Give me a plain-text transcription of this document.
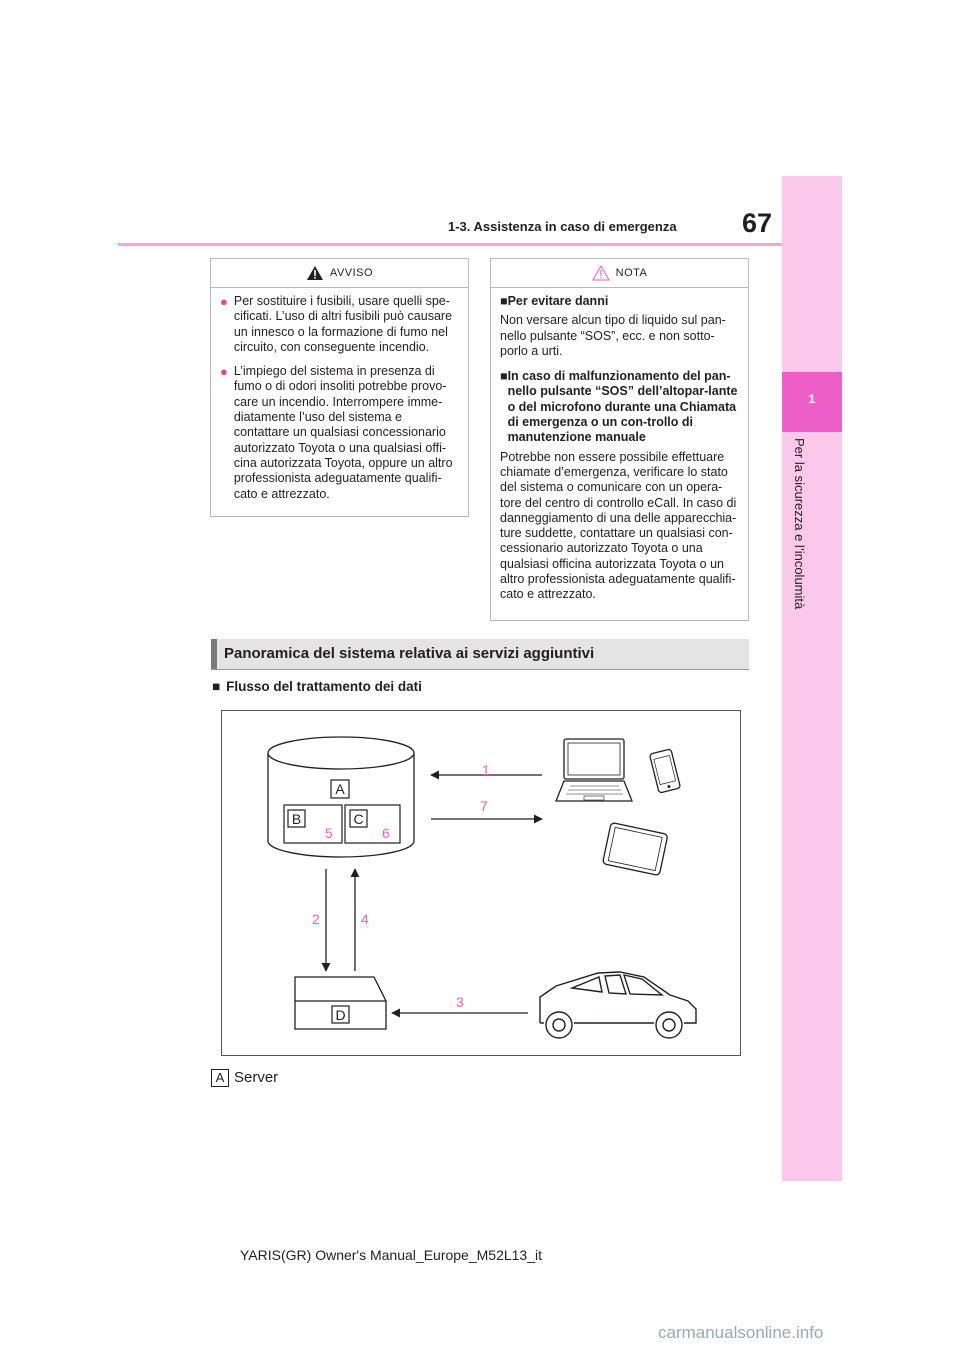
67
1-3. Assistenza in caso di emergenza
1
Per la sicurezza e l’incolumità
AVVISO
● Per sostituire i fusibili, usare quelli spe-cificati. L’uso di altri fusibili può causare un innesco o la formazione di fumo nel circuito, con conseguente incendio.
● L’impiego del sistema in presenza di fumo o di odori insoliti potrebbe provo-care un incendio. Interrompere imme-diatamente l’uso del sistema e contattare un qualsiasi concessionario autorizzato Toyota o una qualsiasi offi-cina autorizzata Toyota, oppure un altro professionista adeguatamente qualifi-cato e attrezzato.
NOTA
■ Per evitare danni
Non versare alcun tipo di liquido sul pan-nello pulsante “SOS”, ecc. e non sotto-porlo a urti.
■ In caso di malfunzionamento del pan-nello pulsante “SOS” dell’altopar-lante o del microfono durante una Chiamata di emergenza o un con-trollo di manutenzione manuale
Potrebbe non essere possibile effettuare chiamate d’emergenza, verificare lo stato del sistema o comunicare con un opera-tore del centro di controllo eCall. In caso di danneggiamento di una delle apparecchia-ture suddette, contattare un qualsiasi con-cessionario autorizzato Toyota o una qualsiasi officina autorizzata Toyota o un altro professionista adeguatamente qualifi-cato e attrezzato.
Panoramica del sistema relativa ai servizi aggiuntivi
■ Flusso del trattamento dei dati
A
B	C
5	6
1
7
2	4
D
3
A Server
YARIS(GR) Owner's Manual_Europe_M52L13_it
carmanualsonline.info
